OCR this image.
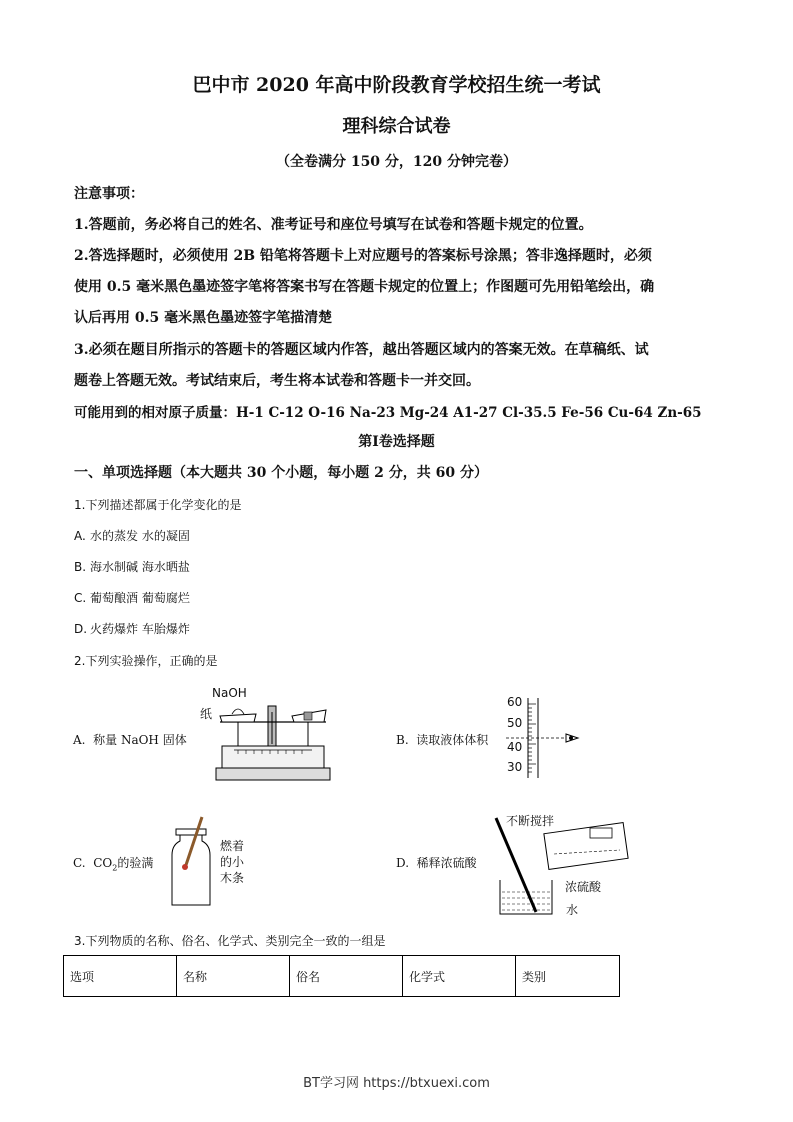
巴中市 2020 年高中阶段教育学校招生统一考试
理科综合试卷
（全卷满分 150 分，120 分钟完卷）
注意事项：
1.答题前，务必将自己的姓名、准考证号和座位号填写在试卷和答题卡规定的位置。
2.答选择题时，必须使用 2B 铅笔将答题卡上对应题号的答案标号涂黑；答非逸择题时，必须
使用 0.5 毫米黑色墨迹签字笔将答案书写在答题卡规定的位置上；作图题可先用铅笔绘出，确
认后再用 0.5 毫米黑色墨迹签字笔描清楚
3.必须在题目所指示的答题卡的答题区域内作答，越出答题区域内的答案无效。在草稿纸、试
题卷上答题无效。考试结束后，考生将本试卷和答题卡一并交回。
可能用到的相对原子质量：H-1 C-12 O-16 Na-23 Mg-24 A1-27 Cl-35.5 Fe-56 Cu-64 Zn-65
第Ⅰ卷选择题
一、单项选择题（本大题共 30 个小题，每小题 2 分，共 60 分）
1.下列描述都属于化学变化的是
A. 水的蒸发 水的凝固
B. 海水制碱 海水晒盐
C. 葡萄酿酒 葡萄腐烂
D. 火药爆炸 车胎爆炸
2.下列实验操作，正确的是
A. 称量 NaOH 固体
NaOH
纸
B. 读取液体体积
60
50
40
30
C. $CO_2$的验满
燃着
的小
木条
D. 稀释浓硫酸
不断搅拌
浓硫酸
水
3.下列物质的名称、俗名、化学式、类别完全一致的一组是
选项	名称	俗名	化学式	类别
BT学习网 https://btxuexi.com
